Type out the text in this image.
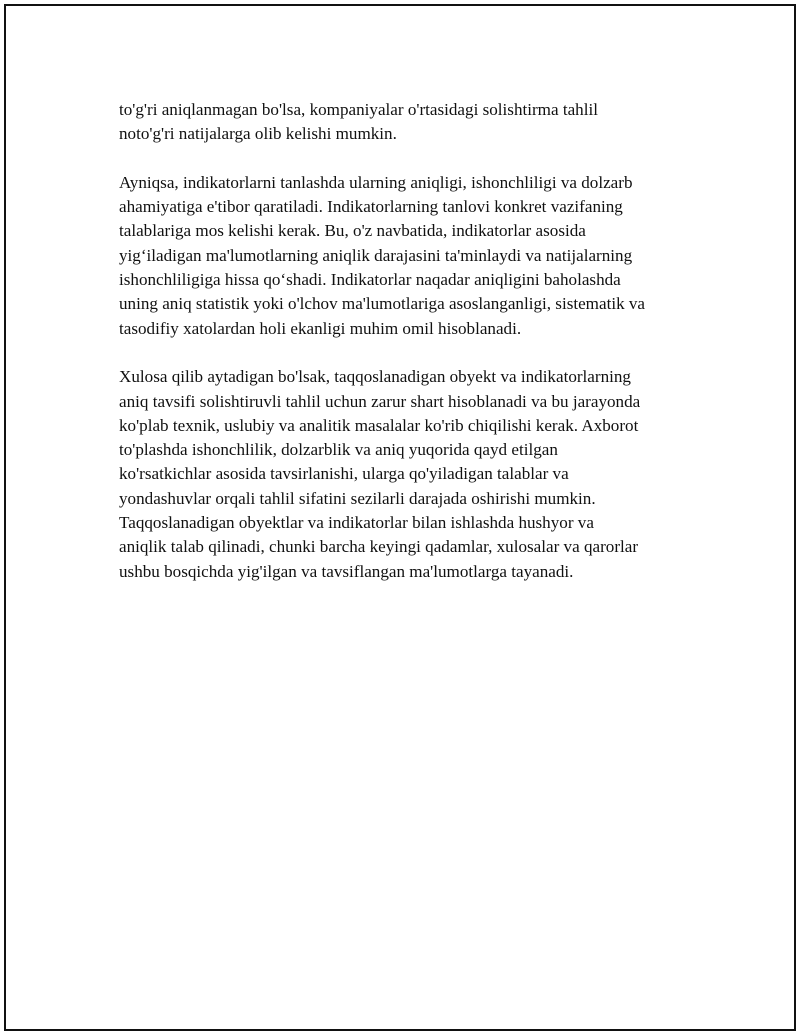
to'g'ri aniqlanmagan bo'lsa, kompaniyalar o'rtasidagi solishtirma tahlil
noto'g'ri natijalarga olib kelishi mumkin.

Ayniqsa, indikatorlarni tanlashda ularning aniqligi, ishonchliligi va dolzarb
ahamiyatiga e'tibor qaratiladi. Indikatorlarning tanlovi konkret vazifaning
talablariga mos kelishi kerak. Bu, o'z navbatida, indikatorlar asosida
yig‘iladigan ma'lumotlarning aniqlik darajasini ta'minlaydi va natijalarning
ishonchliligiga hissa qo‘shadi. Indikatorlar naqadar aniqligini baholashda
uning aniq statistik yoki o'lchov ma'lumotlariga asoslanganligi, sistematik va
tasodifiy xatolardan holi ekanligi muhim omil hisoblanadi.

Xulosa qilib aytadigan bo'lsak, taqqoslanadigan obyekt va indikatorlarning
aniq tavsifi solishtiruvli tahlil uchun zarur shart hisoblanadi va bu jarayonda
ko'plab texnik, uslubiy va analitik masalalar ko'rib chiqilishi kerak. Axborot
to'plashda ishonchlilik, dolzarblik va aniq yuqorida qayd etilgan
ko'rsatkichlar asosida tavsirlanishi, ularga qo'yiladigan talablar va
yondashuvlar orqali tahlil sifatini sezilarli darajada oshirishi mumkin.
Taqqoslanadigan obyektlar va indikatorlar bilan ishlashda hushyor va
aniqlik talab qilinadi, chunki barcha keyingi qadamlar, xulosalar va qarorlar
ushbu bosqichda yig'ilgan va tavsiflangan ma'lumotlarga tayanadi.
